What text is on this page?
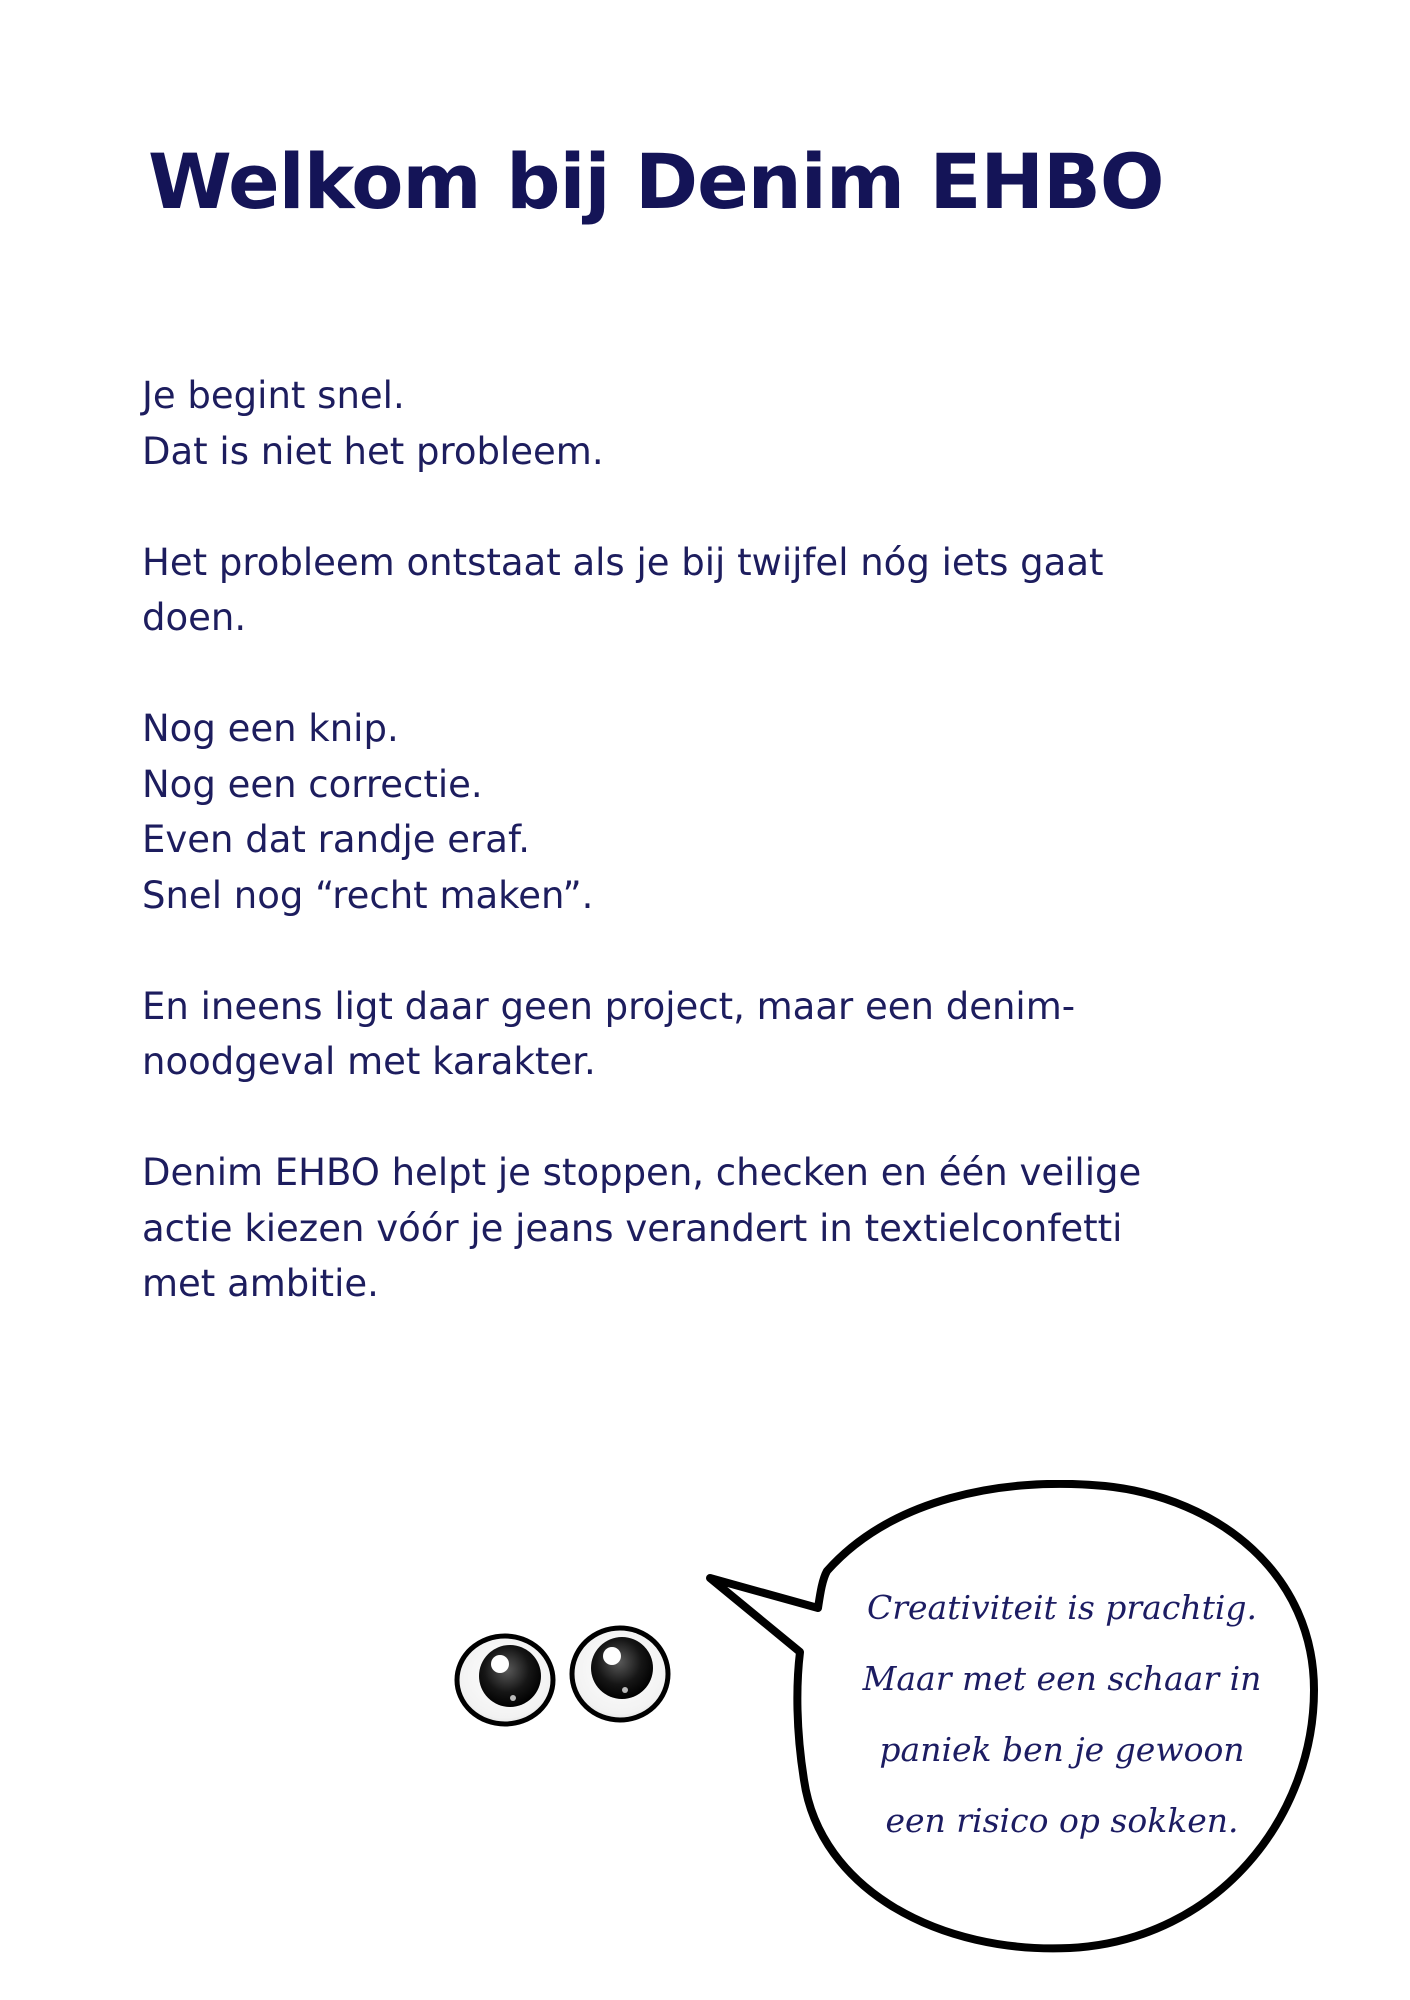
Welkom bij Denim EHBO

Je begint snel.
Dat is niet het probleem.

Het probleem ontstaat als je bij twijfel nóg iets gaat
doen.

Nog een knip.
Nog een correctie.
Even dat randje eraf.
Snel nog “recht maken”.

En ineens ligt daar geen project, maar een denim-
noodgeval met karakter.

Denim EHBO helpt je stoppen, checken en één veilige
actie kiezen vóór je jeans verandert in textielconfetti
met ambitie.

Creativiteit is prachtig.
Maar met een schaar in
paniek ben je gewoon
een risico op sokken.
